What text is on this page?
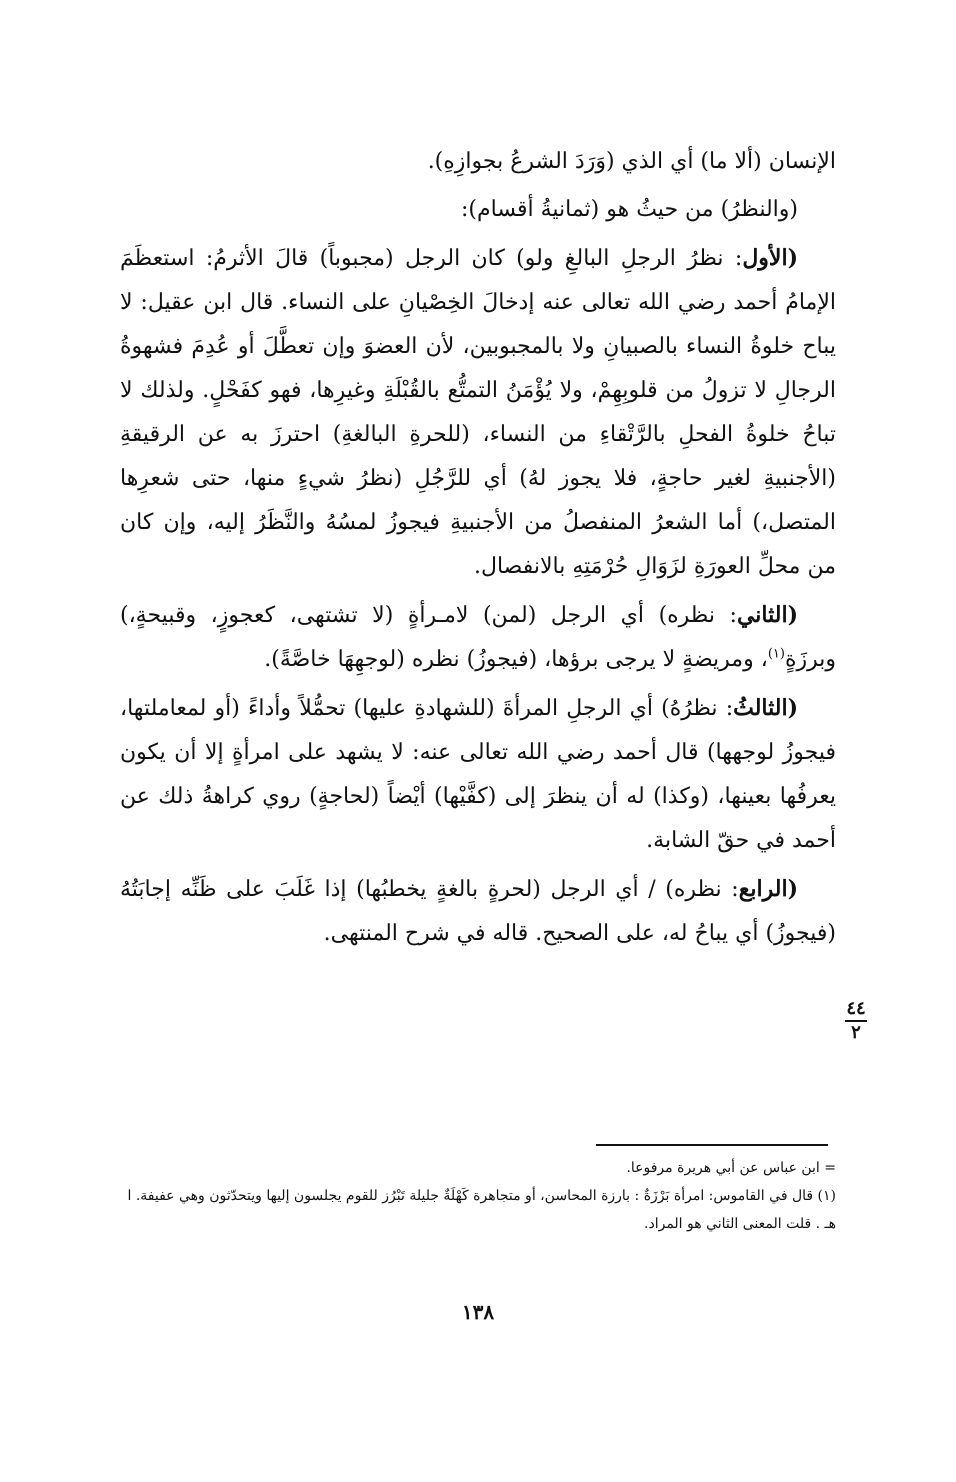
الإنسان (ألا ما) أي الذي (وَرَدَ الشرعُ بجوازِهِ).

(والنظرُ) من حيثُ هو (ثمانيةُ أقسام):

(الأول: نظرُ الرجلِ البالغِ ولو) كان الرجل (مجبوباً) قالَ الأثرمُ: استعظَمَ الإمامُ أحمد رضي الله تعالى عنه إدخالَ الخِصْيانِ على النساء. قال ابن عقيل: لا يباح خلوةُ النساء بالصبيانِ ولا بالمجبوبين، لأن العضوَ وإن تعطَّلَ أو عُدِمَ فشهوةُ الرجالِ لا تزولُ من قلوبِهِمْ، ولا يُؤْمَنُ التمتُّع بالقُبْلَةِ وغيرِها، فهو كفَحْلٍ. ولذلك لا تباحُ خلوةُ الفحلِ بالرَّتْقاءِ من النساء، (للحرةِ البالغةِ) احترزَ به عن الرقيقةِ (الأجنبيةِ لغير حاجةٍ، فلا يجوز لهُ) أي للرَّجُلِ (نظرُ شيءٍ منها، حتى شعرِها المتصل،) أما الشعرُ المنفصلُ من الأجنبيةِ فيجوزُ لمسُهُ والنَّظَرُ إليه، وإن كان من محلِّ العورَةِ لزَوَالِ حُرْمَتِهِ بالانفصال.

(الثاني: نظره) أي الرجل (لمن) لامـرأةٍ (لا تشتهى، كعجوزٍ، وقبيحةٍ،) وبرزَةٍ$^{(١)}$، ومريضةٍ لا يرجى برؤها، (فيجوزُ) نظره (لوجهِهَا خاصَّةً).

(الثالثُ: نظرُهُ) أي الرجلِ المرأةَ (للشهادةِ عليها) تحمُّلاً وأداءً (أو لمعاملتها، فيجوزُ لوجهها) قال أحمد رضي الله تعالى عنه: لا يشهد على امرأةٍ إلا أن يكون يعرفُها بعينها، (وكذا) له أن ينظرَ إلى (كفَّيْها) أيْضاً (لحاجةٍ) روي كراهةُ ذلك عن أحمد في حقّ الشابة.

(الرابع: نظره) / أي الرجل (لحرةٍ بالغةٍ يخطبُها) إذا غَلَبَ على ظَنِّه إجابَتُهُ (فيجوزُ) أي يباحُ له، على الصحيح. قاله في شرح المنتهى.

٤٤
٢

= ابن عباس عن أبي هريرة مرفوعا.

(١) قال في القاموس: امرأة بَرْزَةٌ : بارزة المحاسن، أو متجاهرة كَهْلَةٌ جليلة تَبْرُز للقوم يجلسون إليها ويتحدّثون وهي عفيفة. ا هـ . قلت المعنى الثاني هو المراد.

١٣٨
